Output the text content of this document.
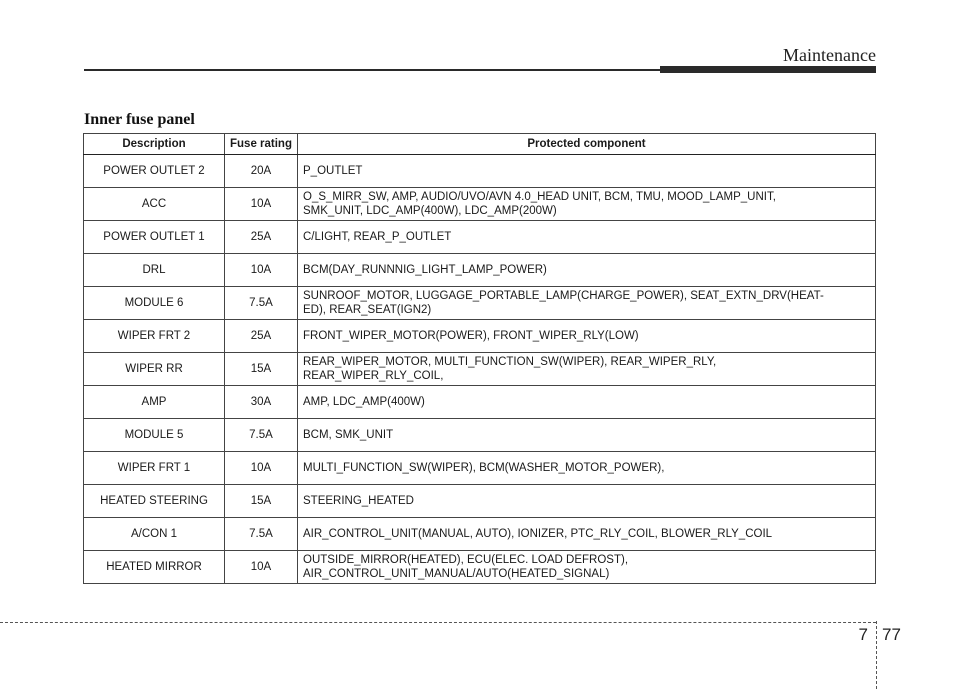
Maintenance
Inner fuse panel
Description	Fuse rating	Protected component
POWER OUTLET 2	20A	P_OUTLET
ACC	10A	O_S_MIRR_SW, AMP, AUDIO/UVO/AVN 4.0_HEAD UNIT, BCM, TMU, MOOD_LAMP_UNIT,
SMK_UNIT, LDC_AMP(400W), LDC_AMP(200W)
POWER OUTLET 1	25A	C/LIGHT, REAR_P_OUTLET
DRL	10A	BCM(DAY_RUNNNIG_LIGHT_LAMP_POWER)
MODULE 6	7.5A	SUNROOF_MOTOR, LUGGAGE_PORTABLE_LAMP(CHARGE_POWER), SEAT_EXTN_DRV(HEAT-
ED), REAR_SEAT(IGN2)
WIPER FRT 2	25A	FRONT_WIPER_MOTOR(POWER), FRONT_WIPER_RLY(LOW)
WIPER RR	15A	REAR_WIPER_MOTOR, MULTI_FUNCTION_SW(WIPER), REAR_WIPER_RLY,
REAR_WIPER_RLY_COIL,
AMP	30A	AMP, LDC_AMP(400W)
MODULE 5	7.5A	BCM, SMK_UNIT
WIPER FRT 1	10A	MULTI_FUNCTION_SW(WIPER), BCM(WASHER_MOTOR_POWER),
HEATED STEERING	15A	STEERING_HEATED
A/CON 1	7.5A	AIR_CONTROL_UNIT(MANUAL, AUTO), IONIZER, PTC_RLY_COIL, BLOWER_RLY_COIL
HEATED MIRROR	10A	OUTSIDE_MIRROR(HEATED), ECU(ELEC. LOAD DEFROST),
AIR_CONTROL_UNIT_MANUAL/AUTO(HEATED_SIGNAL)
7 77
